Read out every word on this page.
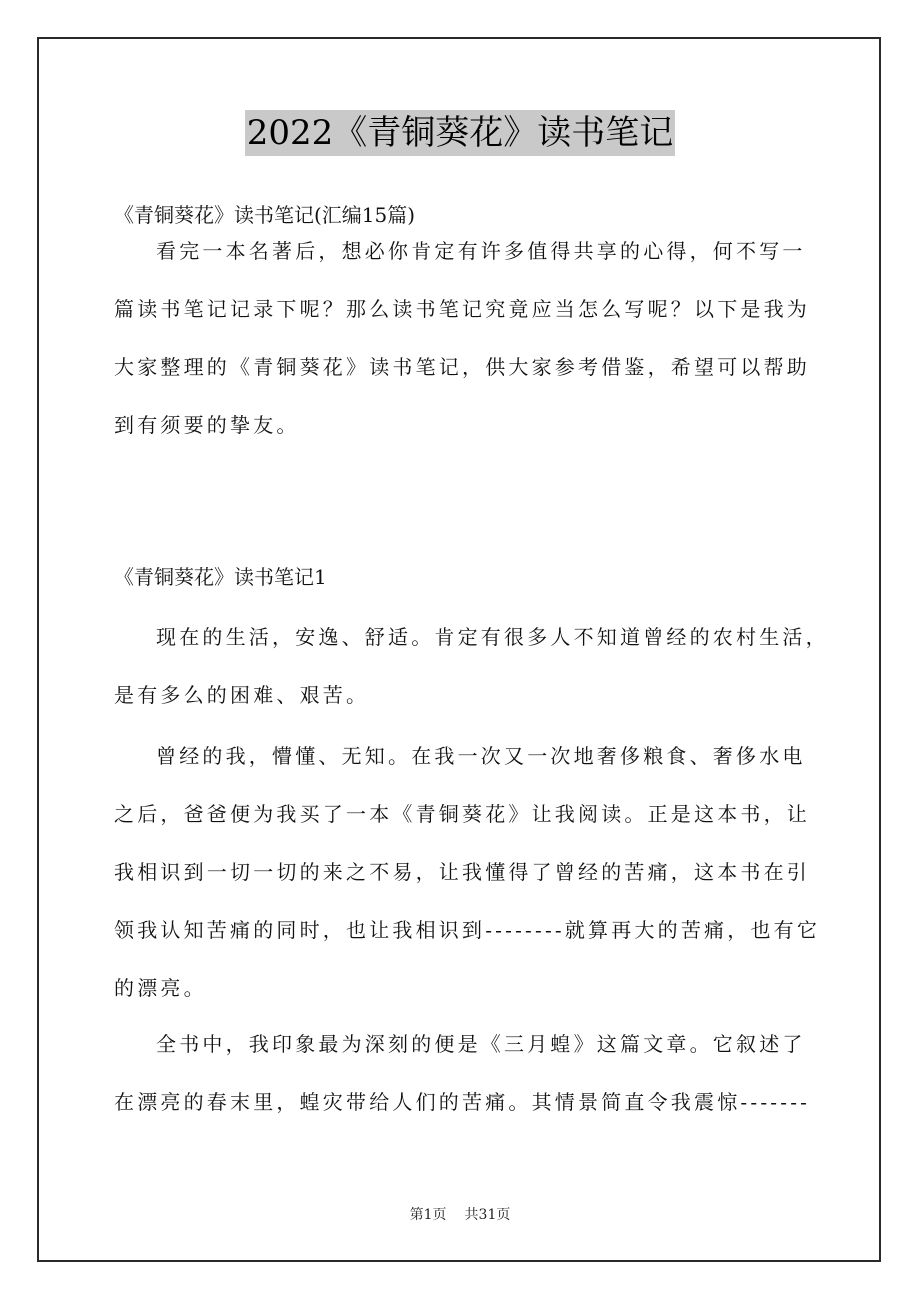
2022《青铜葵花》读书笔记
《青铜葵花》读书笔记(汇编15篇)
看完一本名著后，想必你肯定有许多值得共享的心得，何不写一
篇读书笔记记录下呢？那么读书笔记究竟应当怎么写呢？以下是我为
大家整理的《青铜葵花》读书笔记，供大家参考借鉴，希望可以帮助
到有须要的挚友。
《青铜葵花》读书笔记1
现在的生活，安逸、舒适。肯定有很多人不知道曾经的农村生活，
是有多么的困难、艰苦。
曾经的我，懵懂、无知。在我一次又一次地奢侈粮食、奢侈水电
之后，爸爸便为我买了一本《青铜葵花》让我阅读。正是这本书，让
我相识到一切一切的来之不易，让我懂得了曾经的苦痛，这本书在引
领我认知苦痛的同时，也让我相识到--------就算再大的苦痛，也有它
的漂亮。
全书中，我印象最为深刻的便是《三月蝗》这篇文章。它叙述了
在漂亮的春末里，蝗灾带给人们的苦痛。其情景简直令我震惊-------
第1页 共31页
